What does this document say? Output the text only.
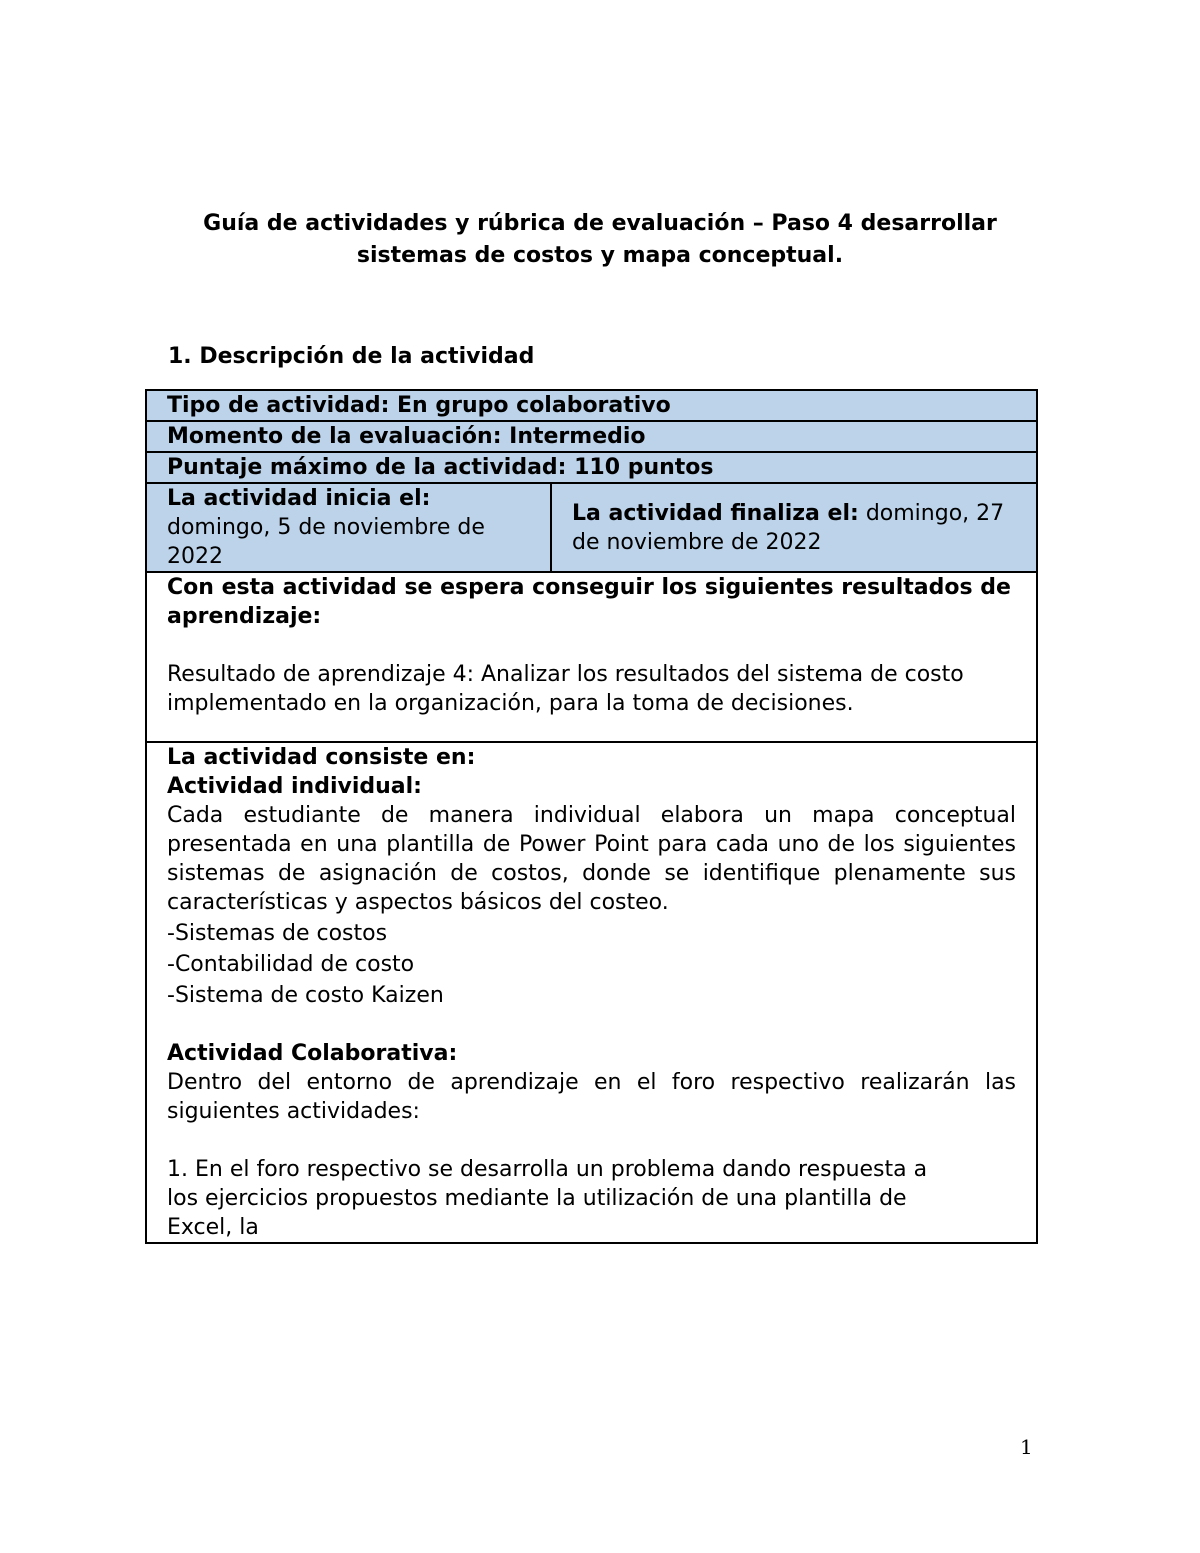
Guía de actividades y rúbrica de evaluación – Paso 4 desarrollar
sistemas de costos y mapa conceptual.
1. Descripción de la actividad
Tipo de actividad: En grupo colaborativo
Momento de la evaluación: Intermedio
Puntaje máximo de la actividad: 110 puntos

La actividad inicia el:
domingo, 5 de noviembre de 2022
	La actividad finaliza el: domingo, 27 de noviembre de 2022

Con esta actividad se espera conseguir los siguientes resultados de aprendizaje:
Resultado de aprendizaje 4: Analizar los resultados del sistema de costo implementado en la organización, para la toma de decisiones.

La actividad consiste en:
Actividad individual:
Cada estudiante de manera individual elabora un mapa conceptual presentada en una plantilla de Power Point para cada uno de los siguientes sistemas de asignación de costos, donde se identifique plenamente sus características y aspectos básicos del costeo.
-Sistemas de costos
-Contabilidad de costo
-Sistema de costo Kaizen
Actividad Colaborativa:
Dentro del entorno de aprendizaje en el foro respectivo realizarán las siguientes actividades:
1. En el foro respectivo se desarrolla un problema dando respuesta a
los ejercicios propuestos mediante la utilización de una plantilla de
Excel, la
1
